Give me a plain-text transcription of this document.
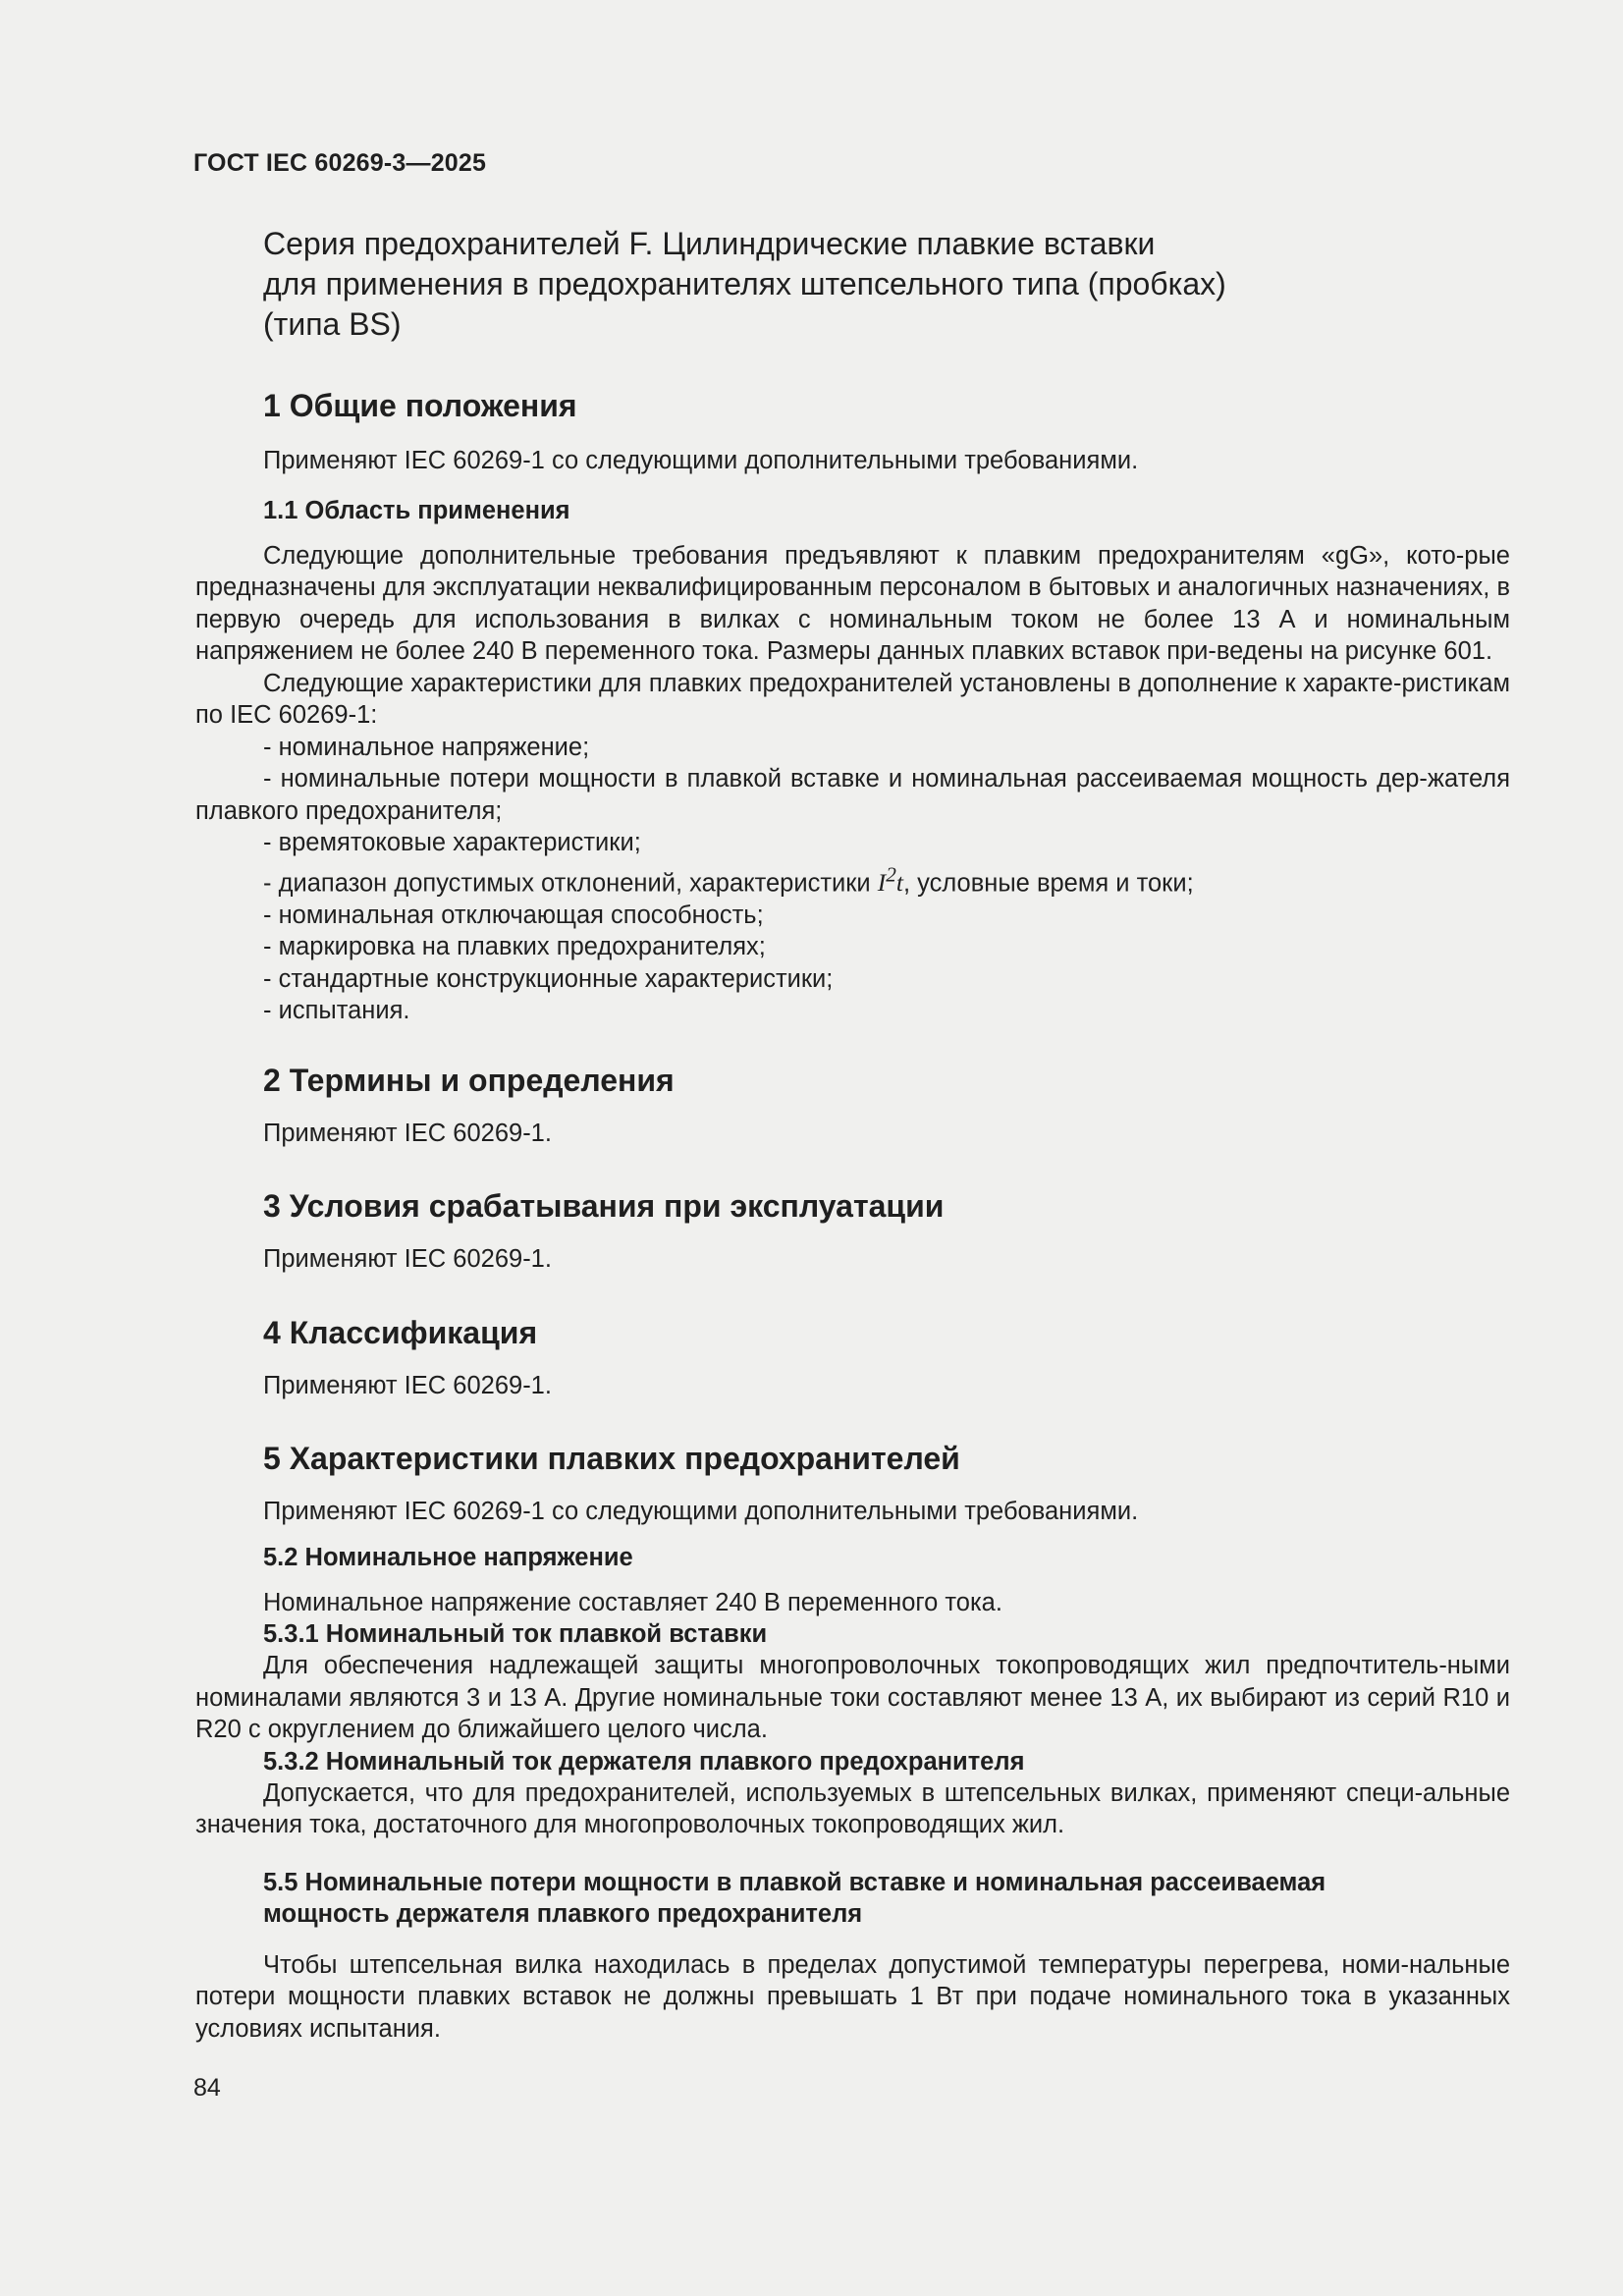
ГОСТ IEC 60269-3—2025
Серия предохранителей F. Цилиндрические плавкие вставки
для применения в предохранителях штепсельного типа (пробках)
(типа BS)
1 Общие положения

Применяют IEC 60269-1 со следующими дополнительными требованиями.

1.1 Область применения

Следующие дополнительные требования предъявляют к плавким предохранителям «gG», кото-рые предназначены для эксплуатации неквалифицированным персоналом в бытовых и аналогичных назначениях, в первую очередь для использования в вилках с номинальным током не более 13 А и номинальным напряжением не более 240 В переменного тока. Размеры данных плавких вставок при-ведены на рисунке 601.

Следующие характеристики для плавких предохранителей установлены в дополнение к характе-ристикам по IEC 60269-1:

- номинальное напряжение;
- номинальные потери мощности в плавкой вставке и номинальная рассеиваемая мощность дер-жателя плавкого предохранителя;
- времятоковые характеристики;
- диапазон допустимых отклонений, характеристики $I^2t$, условные время и токи;
- номинальная отключающая способность;
- маркировка на плавких предохранителях;
- стандартные конструкционные характеристики;
- испытания.
2 Термины и определения

Применяют IEC 60269-1.

3 Условия срабатывания при эксплуатации

Применяют IEC 60269-1.

4 Классификация

Применяют IEC 60269-1.

5 Характеристики плавких предохранителей

Применяют IEC 60269-1 со следующими дополнительными требованиями.

5.2 Номинальное напряжение

Номинальное напряжение составляет 240 В переменного тока.

5.3.1 Номинальный ток плавкой вставки

Для обеспечения надлежащей защиты многопроволочных токопроводящих жил предпочтитель-ными номиналами являются 3 и 13 А. Другие номинальные токи составляют менее 13 А, их выбирают из серий R10 и R20 с округлением до ближайшего целого числа.

5.3.2 Номинальный ток держателя плавкого предохранителя

Допускается, что для предохранителей, используемых в штепсельных вилках, применяют специ-альные значения тока, достаточного для многопроволочных токопроводящих жил.

5.5 Номинальные потери мощности в плавкой вставке и номинальная рассеиваемая
мощность держателя плавкого предохранителя

Чтобы штепсельная вилка находилась в пределах допустимой температуры перегрева, номи-нальные потери мощности плавких вставок не должны превышать 1 Вт при подаче номинального тока в указанных условиях испытания.

84
